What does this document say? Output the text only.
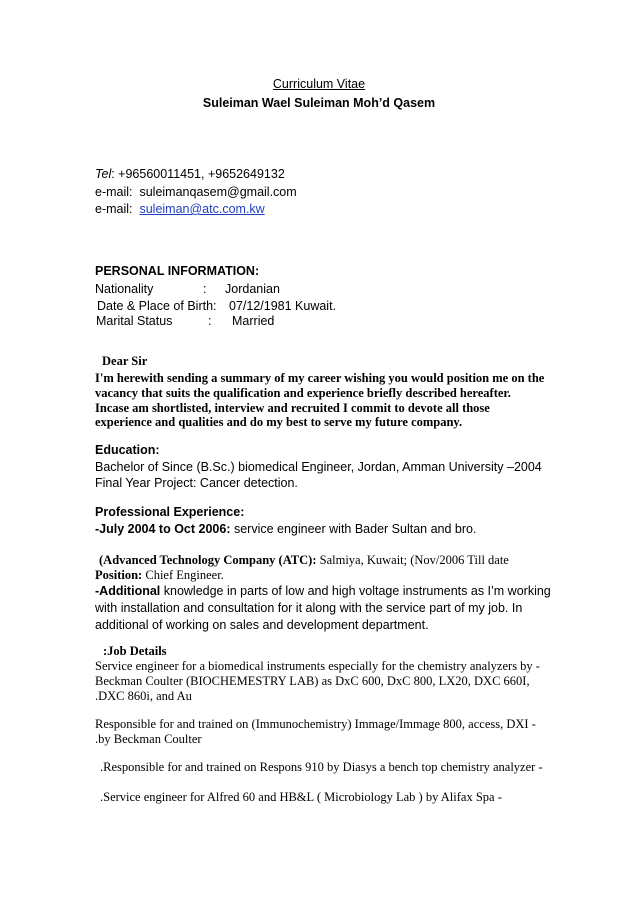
Curriculum Vitae
Suleiman Wael Suleiman Moh’d Qasem
Tel: +96560011451, +9652649132
e-mail: suleimanqasem@gmail.com
e-mail: suleiman@atc.com.kw
PERSONAL INFORMATION:
Nationality	: Jordanian
Date & Place of Birth: 07/12/1981 Kuwait.
Marital Status	: Married
Dear Sir
I'm herewith sending a summary of my career wishing you would position me on the
vacancy that suits the qualification and experience briefly described hereafter.
Incase am shortlisted, interview and recruited I commit to devote all those
experience and qualities and do my best to serve my future company.
Education:
Bachelor of Since (B.Sc.) biomedical Engineer, Jordan, Amman University –2004
Final Year Project: Cancer detection.
Professional Experience:
-July 2004 to Oct 2006: service engineer with Bader Sultan and bro.
(Advanced Technology Company (ATC): Salmiya, Kuwait; (Nov/2006 Till date
Position: Chief Engineer.
-Additional knowledge in parts of low and high voltage instruments as I’m working
with installation and consultation for it along with the service part of my job. In
additional of working on sales and development department.
:Job Details
Service engineer for a biomedical instruments especially for the chemistry analyzers by -
Beckman Coulter (BIOCHEMESTRY LAB) as DxC 600, DxC 800, LX20, DXC 660I,
.DXC 860i, and Au
Responsible for and trained on (Immunochemistry) Immage/Immage 800, access, DXI -
.by Beckman Coulter
.Responsible for and trained on Respons 910 by Diasys a bench top chemistry analyzer -
.Service engineer for Alfred 60 and HB&L ( Microbiology Lab ) by Alifax Spa -
